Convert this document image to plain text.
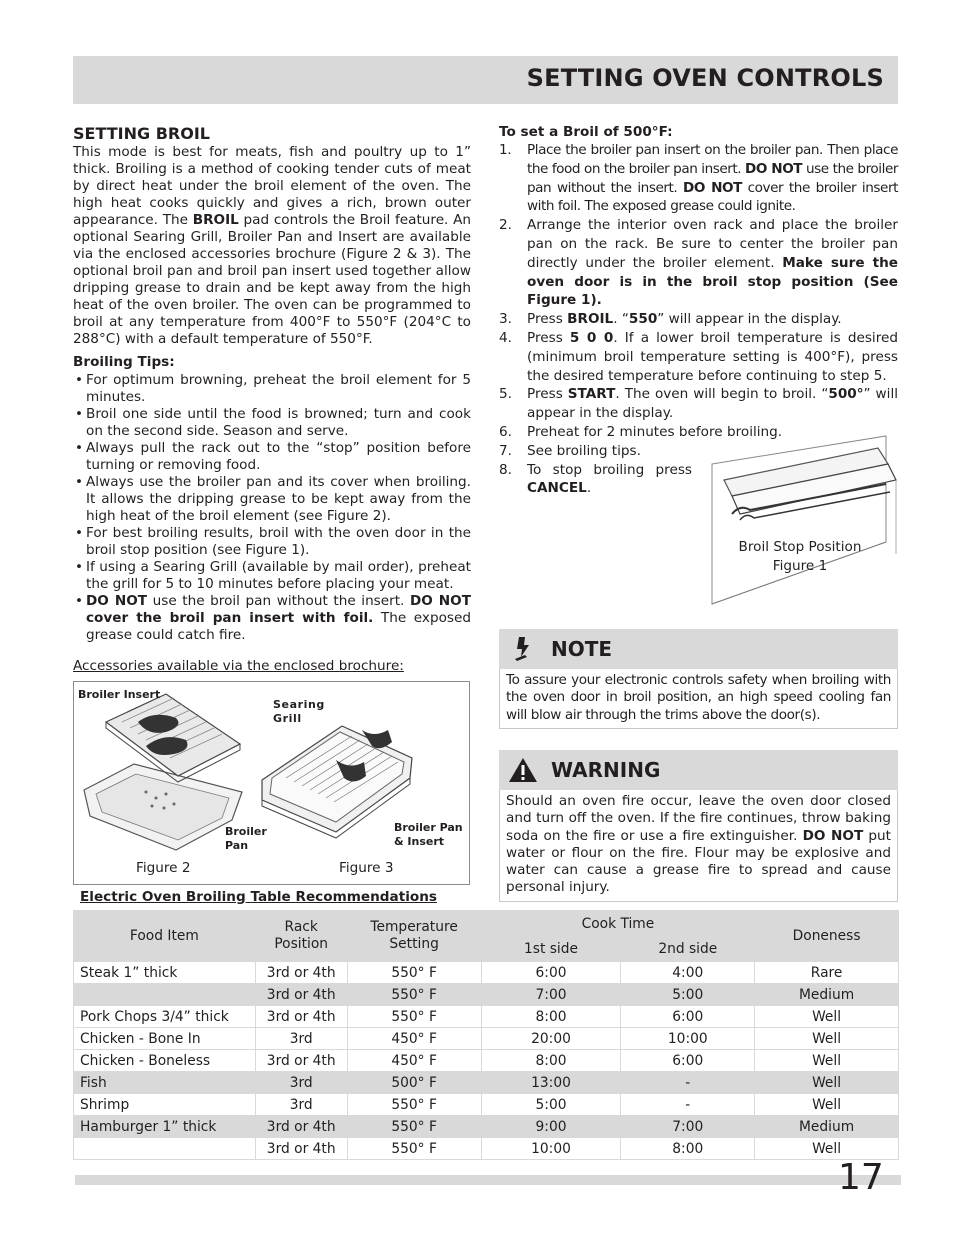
SETTING OVEN CONTROLS
SETTING BROIL

This mode is best for meats, fish and poultry up to 1” thick. Broiling is a method of cooking tender cuts of meat by direct heat under the broil element of the oven. The high heat cooks quickly and gives a rich, brown outer appearance. The BROIL pad controls the Broil feature. An optional Searing Grill, Broiler Pan and Insert are available via the enclosed accessories brochure (Figure 2 & 3). The optional broil pan and broil pan insert used together allow dripping grease to drain and be kept away from the high heat of the oven broiler. The oven can be programmed to broil at any temperature from 400°F to 550°F (204°C to 288°C) with a default temperature of 550°F.

Broiling Tips:
• For optimum browning, preheat the broil element for 5 minutes.
• Broil one side until the food is browned; turn and cook on the second side. Season and serve.
• Always pull the rack out to the “stop” position before turning or removing food.
• Always use the broiler pan and its cover when broiling. It allows the dripping grease to be kept away from the high heat of the broil element (see Figure 2).
• For best broiling results, broil with the oven door in the broil stop position (see Figure 1).
• If using a Searing Grill (available by mail order), preheat the grill for 5 to 10 minutes before placing your meat.
• DO NOT use the broil pan without the insert. DO NOT cover the broil pan insert with foil. The exposed grease could catch fire.
Accessories available via the enclosed brochure:
Broiler Insert
Searing Grill
Broiler Pan
Broiler Pan & Insert
Figure 2	Figure 3
To set a Broil of 500°F:
1. Place the broiler pan insert on the broiler pan. Then place the food on the broiler pan insert. DO NOT use the broiler pan without the insert. DO NOT cover the broiler insert with foil. The exposed grease could ignite.
2. Arrange the interior oven rack and place the broiler pan on the rack. Be sure to center the broiler pan directly under the broiler element. Make sure the oven door is in the broil stop position (See Figure 1).
3. Press BROIL. “550” will appear in the display.
4. Press 5 0 0. If a lower broil temperature is desired (minimum broil temperature setting is 400°F), press the desired temperature before continuing to step 5.
5. Press START. The oven will begin to broil. “500°” will appear in the display.
6. Preheat for 2 minutes before broiling.
7. See broiling tips.
8. To stop broiling press CANCEL.
Broil Stop Position
Figure 1
NOTE
To assure your electronic controls safety when broiling with the oven door in broil position, an high speed cooling fan will blow air through the trims above the door(s).
WARNING
Should an oven fire occur, leave the oven door closed and turn off the oven. If the fire continues, throw baking soda on the fire or use a fire extinguisher. DO NOT put water or flour on the fire. Flour may be explosive and water can cause a grease fire to spread and cause personal injury.
Electric Oven Broiling Table Recommendations
Food Item	Rack Position	Temperature Setting	Cook Time		Doneness
			1st side	2nd side	
Steak 1” thick	3rd or 4th	550° F	6:00	4:00	Rare
	3rd or 4th	550° F	7:00	5:00	Medium
Pork Chops 3/4” thick	3rd or 4th	550° F	8:00	6:00	Well
Chicken - Bone In	3rd	450° F	20:00	10:00	Well
Chicken - Boneless	3rd or 4th	450° F	8:00	6:00	Well
Fish	3rd	500° F	13:00	-	Well
Shrimp	3rd	550° F	5:00	-	Well
Hamburger 1” thick	3rd or 4th	550° F	9:00	7:00	Medium
	3rd or 4th	550° F	10:00	8:00	Well
17
